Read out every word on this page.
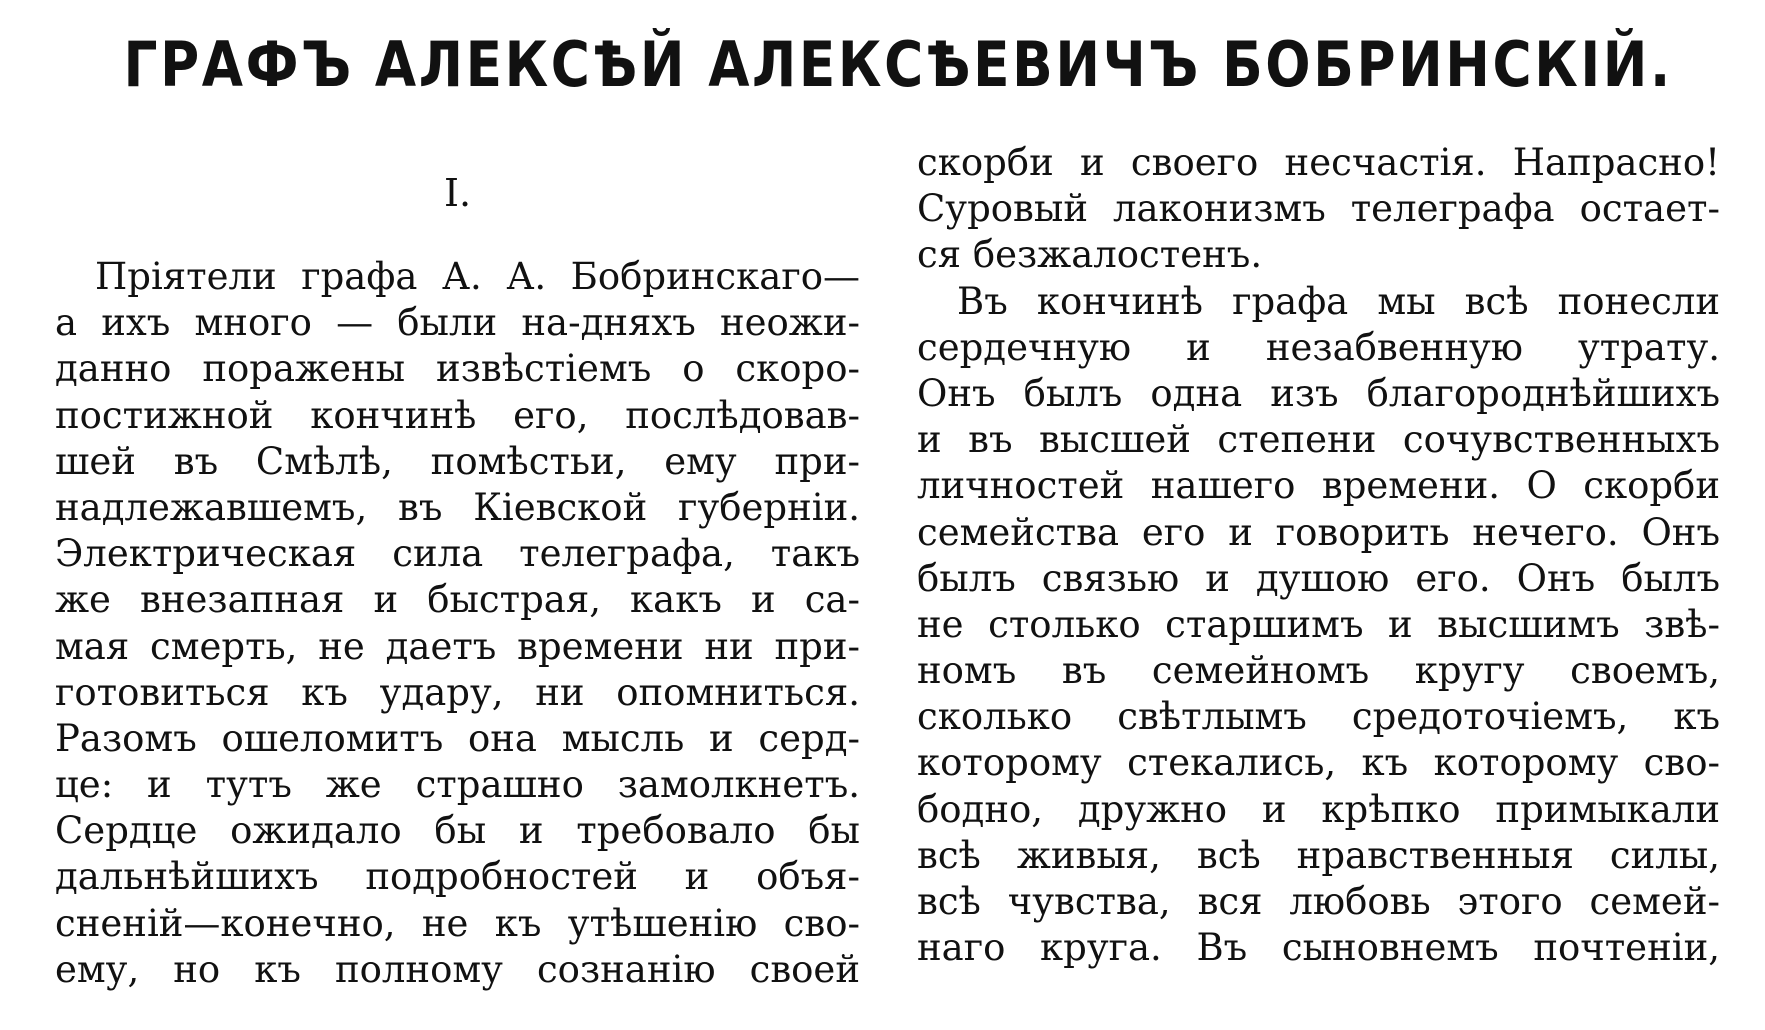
ГРАФЪ АЛЕКСѢЙ АЛЕКСѢЕВИЧЪ БОБРИНСКІЙ.
I.
Пріятели графа А. А. Бобринскаго—
а ихъ много — были на-дняхъ неожи-
данно поражены извѣстіемъ о скоро-
постижной кончинѣ его, послѣдовав-
шей въ Смѣлѣ, помѣстьи, ему при-
надлежавшемъ, въ Кіевской губерніи.
Электрическая сила телеграфа, такъ
же внезапная и быстрая, какъ и са-
мая смерть, не даетъ времени ни при-
готовиться къ удару, ни опомниться.
Разомъ ошеломитъ она мысль и серд-
це: и тутъ же страшно замолкнетъ.
Сердце ожидало бы и требовало бы
дальнѣйшихъ подробностей и объя-
сненій—конечно, не къ утѣшенію сво-
ему, но къ полному сознанію своей
скорби и своего несчастія. Напрасно!
Суровый лаконизмъ телеграфа остает-
ся безжалостенъ.
Въ кончинѣ графа мы всѣ понесли
сердечную и незабвенную утрату.
Онъ былъ одна изъ благороднѣйшихъ
и въ высшей степени сочувственныхъ
личностей нашего времени. О скорби
семейства его и говорить нечего. Онъ
былъ связью и душою его. Онъ былъ
не столько старшимъ и высшимъ звѣ-
номъ въ семейномъ кругу своемъ,
сколько свѣтлымъ средоточіемъ, къ
которому стекались, къ которому сво-
бодно, дружно и крѣпко примыкали
всѣ живыя, всѣ нравственныя силы,
всѣ чувства, вся любовь этого семей-
наго круга. Въ сыновнемъ почтеніи,
